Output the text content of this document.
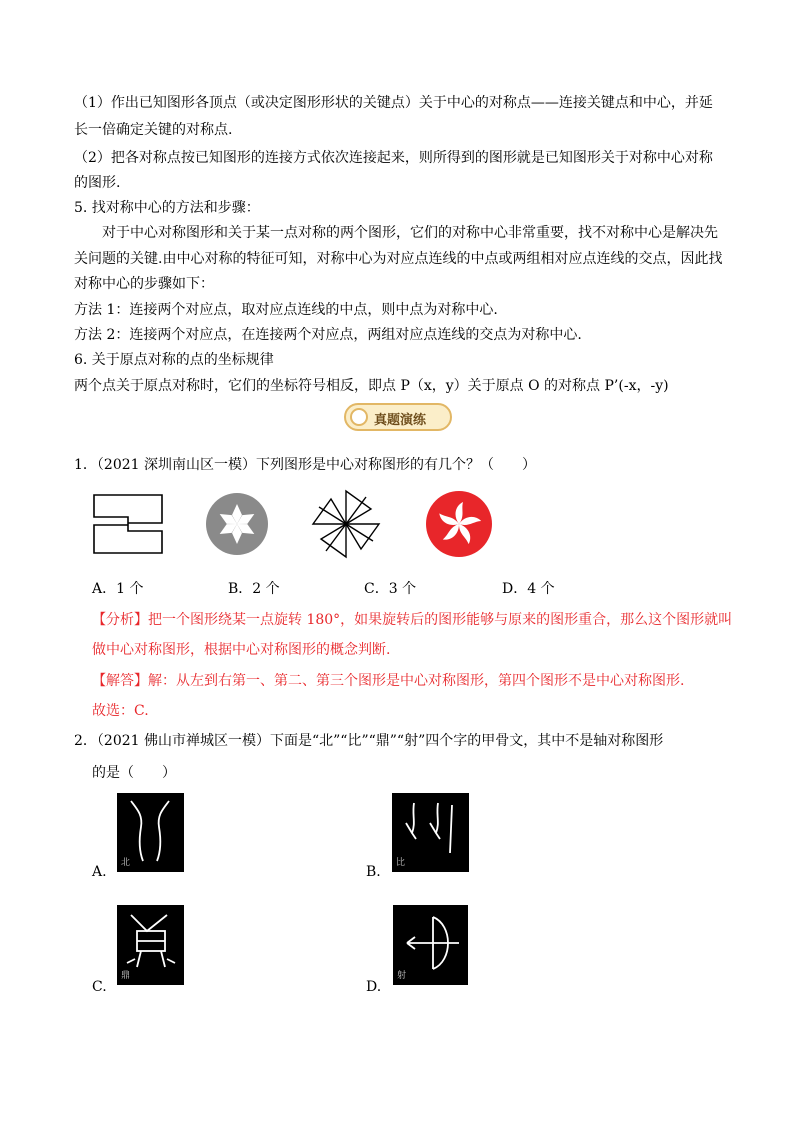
（1）作出已知图形各顶点（或决定图形形状的关键点）关于中心的对称点——连接关键点和中心，并延
长一倍确定关键的对称点.
（2）把各对称点按已知图形的连接方式依次连接起来，则所得到的图形就是已知图形关于对称中心对称
的图形.
5. 找对称中心的方法和步骤：
对于中心对称图形和关于某一点对称的两个图形，它们的对称中心非常重要，找不对称中心是解决先
关问题的关键.由中心对称的特征可知，对称中心为对应点连线的中点或两组相对应点连线的交点，因此找
对称中心的步骤如下：
方法 1：连接两个对应点，取对应点连线的中点，则中点为对称中心.
方法 2：连接两个对应点，在连接两个对应点，两组对应点连线的交点为对称中心.
6. 关于原点对称的点的坐标规律
两个点关于原点对称时，它们的坐标符号相反，即点 P（x，y）关于原点 O 的对称点 P’(-x，-y)
真题演练
1．（2021 深圳南山区一模）下列图形是中心对称图形的有几个？（　　）
A．1 个	B．2 个	C．3 个	D．4 个
【分析】把一个图形绕某一点旋转 180°，如果旋转后的图形能够与原来的图形重合，那么这个图形就叫
做中心对称图形，根据中心对称图形的概念判断.
【解答】解：从左到右第一、第二、第三个图形是中心对称图形，第四个图形不是中心对称图形.
故选：C.
2．（2021 佛山市禅城区一模）下面是“北”“比”“鼎”“射”四个字的甲骨文，其中不是轴对称图形
的是（　　）
北
A.
比
B.
鼎
C.
射
D.
